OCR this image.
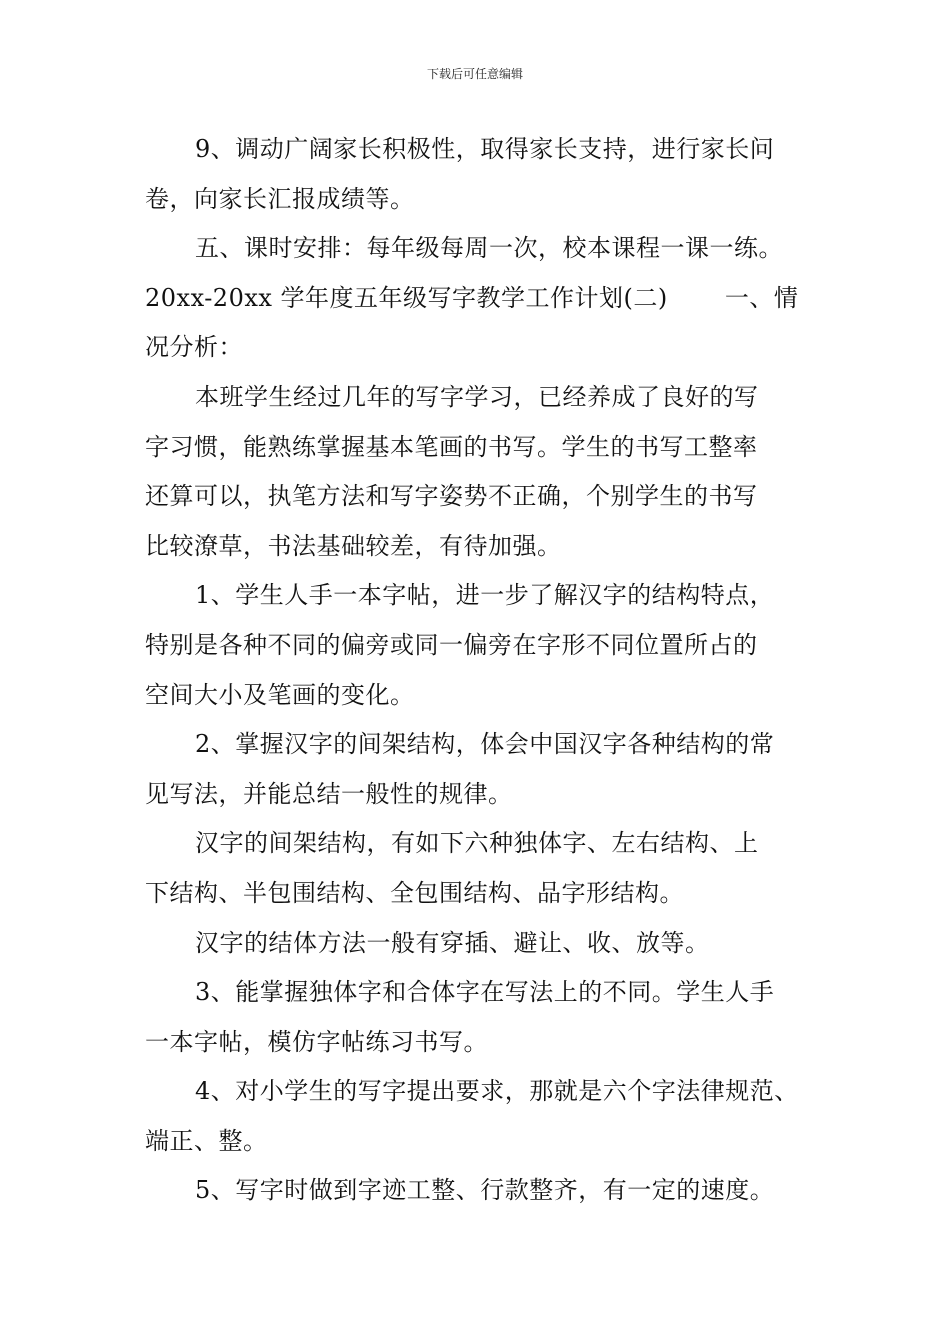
下载后可任意编辑
9、调动广阔家长积极性，取得家长支持，进行家长问
卷，向家长汇报成绩等。
五、课时安排：每年级每周一次，校本课程一课一练。
20xx-20xx 学年度五年级写字教学工作计划(二)　　 一、情
况分析：
本班学生经过几年的写字学习，已经养成了良好的写
字习惯，能熟练掌握基本笔画的书写。学生的书写工整率
还算可以，执笔方法和写字姿势不正确，个别学生的书写
比较潦草，书法基础较差，有待加强。
1、学生人手一本字帖，进一步了解汉字的结构特点，
特别是各种不同的偏旁或同一偏旁在字形不同位置所占的
空间大小及笔画的变化。
2、掌握汉字的间架结构，体会中国汉字各种结构的常
见写法，并能总结一般性的规律。
汉字的间架结构，有如下六种独体字、左右结构、上
下结构、半包围结构、全包围结构、品字形结构。
汉字的结体方法一般有穿插、避让、收、放等。
3、能掌握独体字和合体字在写法上的不同。学生人手
一本字帖，模仿字帖练习书写。
4、对小学生的写字提出要求，那就是六个字法律规范、
端正、整。
5、写字时做到字迹工整、行款整齐，有一定的速度。
